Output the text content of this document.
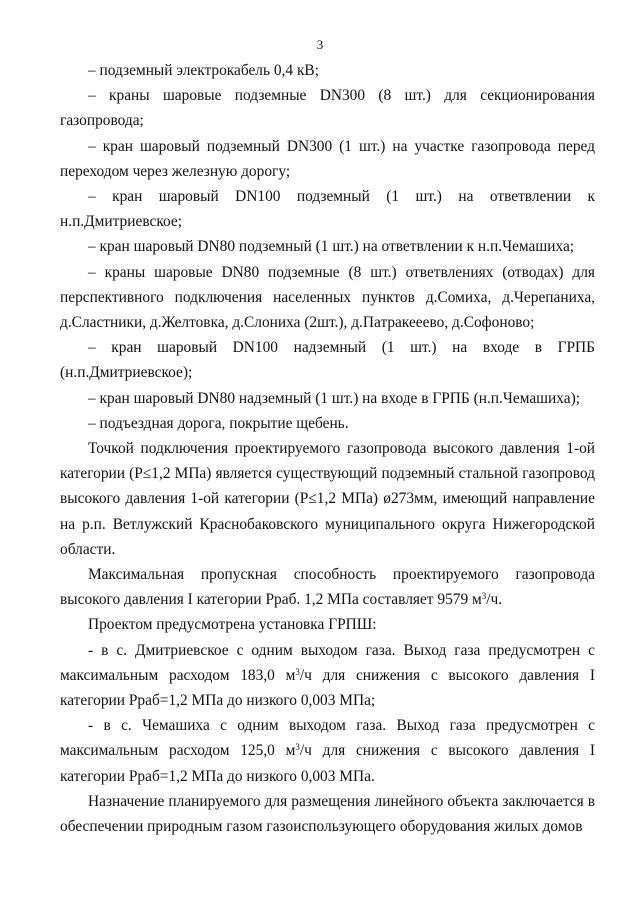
3

– подземный электрокабель 0,4 кВ;

– краны шаровые подземные DN300 (8 шт.) для секционирования газопровода;

– кран шаровый подземный DN300 (1 шт.) на участке газопровода перед переходом через железную дорогу;

– кран шаровый DN100 подземный (1 шт.) на ответвлении к н.п.Дмитриевское;

– кран шаровый DN80 подземный (1 шт.) на ответвлении к н.п.Чемашиха;

– краны шаровые DN80 подземные (8 шт.) ответвлениях (отводах) для перспективного подключения населенных пунктов д.Сомиха, д.Черепаниха, д.Сластники, д.Желтовка, д.Слониха (2шт.), д.Патракееево, д.Софоново;

– кран шаровый DN100 надземный (1 шт.) на входе в ГРПБ (н.п.Дмитриевское);

– кран шаровый DN80 надземный (1 шт.) на входе в ГРПБ (н.п.Чемашиха);

– подъездная дорога, покрытие щебень.

Точкой подключения проектируемого газопровода высокого давления 1-ой категории (Р≤1,2 МПа) является существующий подземный стальной газопровод высокого давления 1-ой категории (Р≤1,2 МПа) ø273мм, имеющий направление на р.п. Ветлужский Краснобаковского муниципального округа Нижегородской области.

Максимальная пропускная способность проектируемого газопровода высокого давления I категории Рраб. 1,2 МПа составляет 9579 $м^3/ч$.

Проектом предусмотрена установка ГРПШ:

- в с. Дмитриевское с одним выходом газа. Выход газа предусмотрен с максимальным расходом 183,0 $м^3/ч$ для снижения с высокого давления I категории Рраб=1,2 МПа до низкого 0,003 МПа;

- в с. Чемашиха с одним выходом газа. Выход газа предусмотрен с максимальным расходом 125,0 $м^3/ч$ для снижения с высокого давления I категории Рраб=1,2 МПа до низкого 0,003 МПа.

Назначение планируемого для размещения линейного объекта заключается в обеспечении природным газом газоиспользующего оборудования жилых домов
